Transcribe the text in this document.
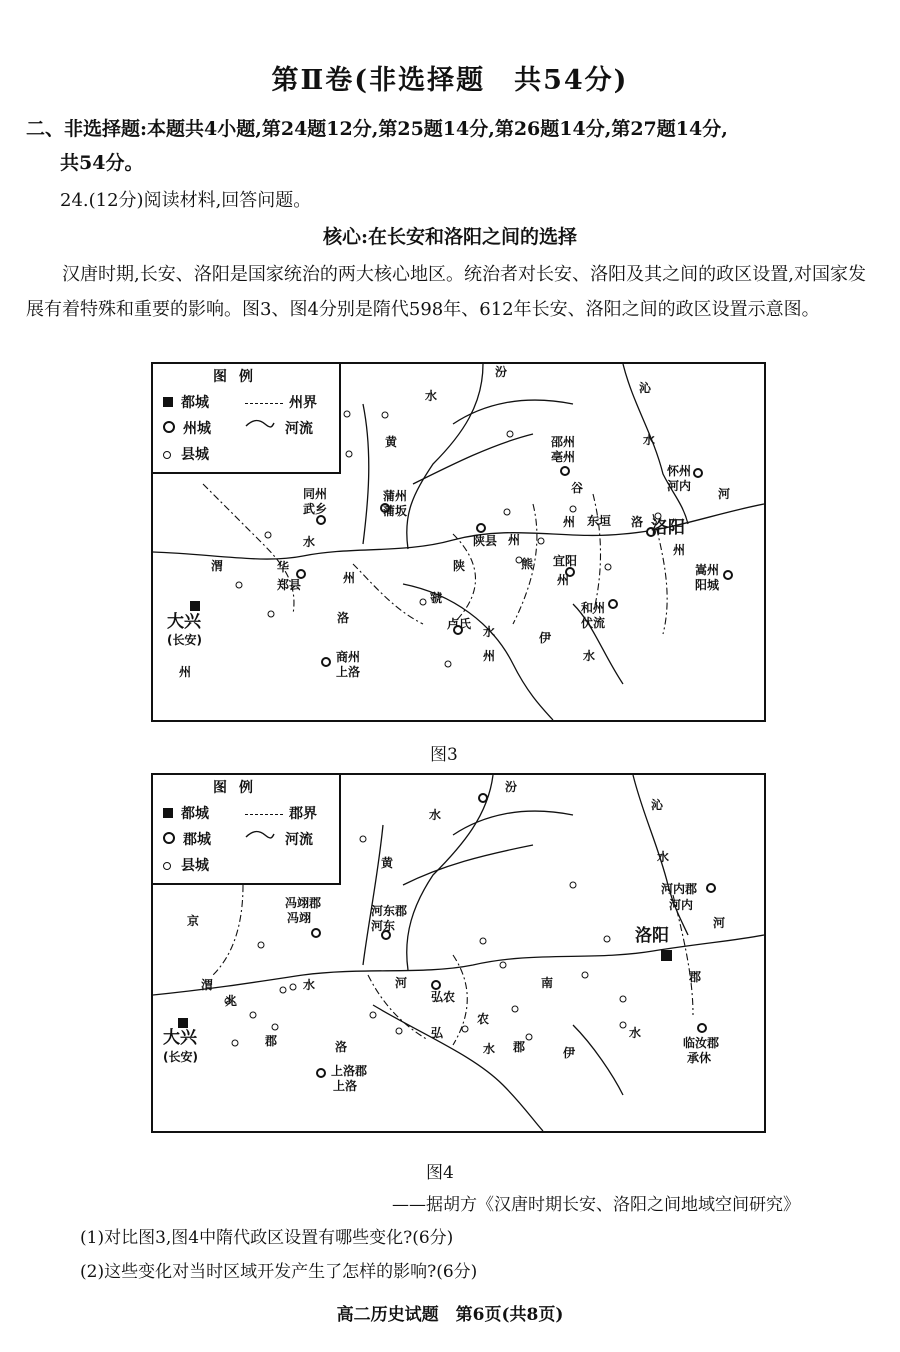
第Ⅱ卷(非选择题　共54分)
二、非选择题:本题共4小题,第24题12分,第25题14分,第26题14分,第27题14分,
共54分。
24.(12分)阅读材料,回答问题。
核心:在长安和洛阳之间的选择
汉唐时期,长安、洛阳是国家统治的两大核心地区。统治者对长安、洛阳及其之间的政区设置,对国家发展有着特殊和重要的影响。图3、图4分别是隋代598年、612年长安、洛阳之间的政区设置示意图。
大兴
(长安)
洛阳
同州
武乡
蒲州
蒲坂
邵州
亳州
怀州
河内
陕县
东垣
宜阳
华
郑县
卢氏
商州
上洛
和州
伏流
嵩州
阳城
渭
水
水
汾
黄
沁
水
谷
州	洛
陕
州
熊
州
州
洛
虢
水
州
伊
水
州
河
州
图例
都城
州城
县城
州界
河流
图3
大兴
(长安)
洛阳
冯翊郡
冯翊	河东郡
河东
河内郡
河内
弘农
上洛郡
上洛
临汝郡
承休
京
兆
郡
渭	水
水
汾
黄
沁
水
河
河	南	郡
弘
农
郡
水
洛	伊
水
图例
都城
郡城
县城
郡界
河流
图4
——据胡方《汉唐时期长安、洛阳之间地域空间研究》
(1)对比图3,图4中隋代政区设置有哪些变化?(6分)
(2)这些变化对当时区域开发产生了怎样的影响?(6分)
高二历史试题　第6页(共8页)
